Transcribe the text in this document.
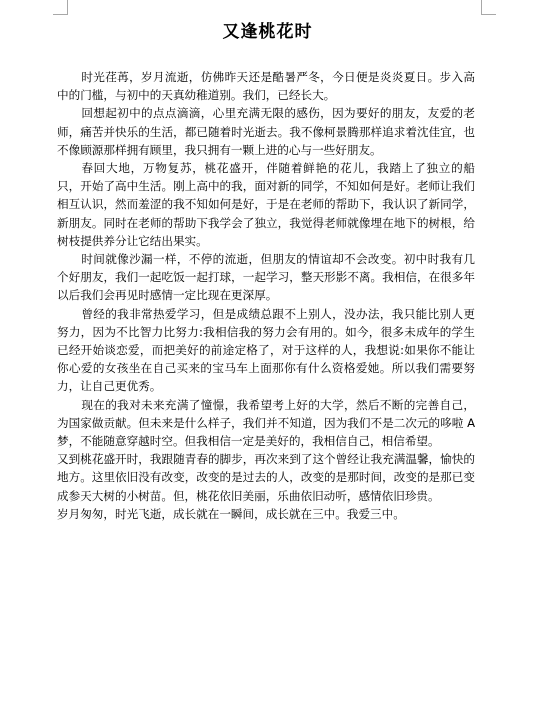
又逢桃花时

时光荏苒，岁月流逝，仿佛昨天还是酷暑严冬，今日便是炎炎夏日。步入高中的门槛，与初中的天真幼稚道别。我们，已经长大。

回想起初中的点点滴滴，心里充满无限的感伤，因为要好的朋友，友爱的老师，痛苦并快乐的生活，都已随着时光逝去。我不像柯景腾那样追求着沈佳宜，也不像顾源那样拥有顾里，我只拥有一颗上进的心与一些好朋友。

春回大地，万物复苏，桃花盛开，伴随着鲜艳的花儿，我踏上了独立的船只，开始了高中生活。刚上高中的我，面对新的同学，不知如何是好。老师让我们相互认识，然而羞涩的我不知如何是好，于是在老师的帮助下，我认识了新同学，新朋友。同时在老师的帮助下我学会了独立，我觉得老师就像埋在地下的树根，给树枝提供养分让它结出果实。

时间就像沙漏一样，不停的流逝，但朋友的情谊却不会改变。初中时我有几个好朋友，我们一起吃饭一起打球，一起学习，整天形影不离。我相信，在很多年以后我们会再见时感情一定比现在更深厚。

曾经的我非常热爱学习，但是成绩总跟不上别人，没办法，我只能比别人更努力，因为不比智力比努力:我相信我的努力会有用的。如今，很多未成年的学生已经开始谈恋爱，而把美好的前途定格了，对于这样的人，我想说:如果你不能让你心爱的女孩坐在自己买来的宝马车上面那你有什么资格爱她。所以我们需要努力，让自己更优秀。

现在的我对未来充满了憧憬，我希望考上好的大学，然后不断的完善自己，为国家做贡献。但未来是什么样子，我们并不知道，因为我们不是二次元的哆啦 A 梦，不能随意穿越时空。但我相信一定是美好的，我相信自己，相信希望。

又到桃花盛开时，我跟随青春的脚步，再次来到了这个曾经让我充满温馨，愉快的地方。这里依旧没有改变，改变的是过去的人，改变的是那时间，改变的是那已变成参天大树的小树苗。但，桃花依旧美丽，乐曲依旧动听，感情依旧珍贵。

岁月匆匆，时光飞逝，成长就在一瞬间，成长就在三中。我爱三中。
